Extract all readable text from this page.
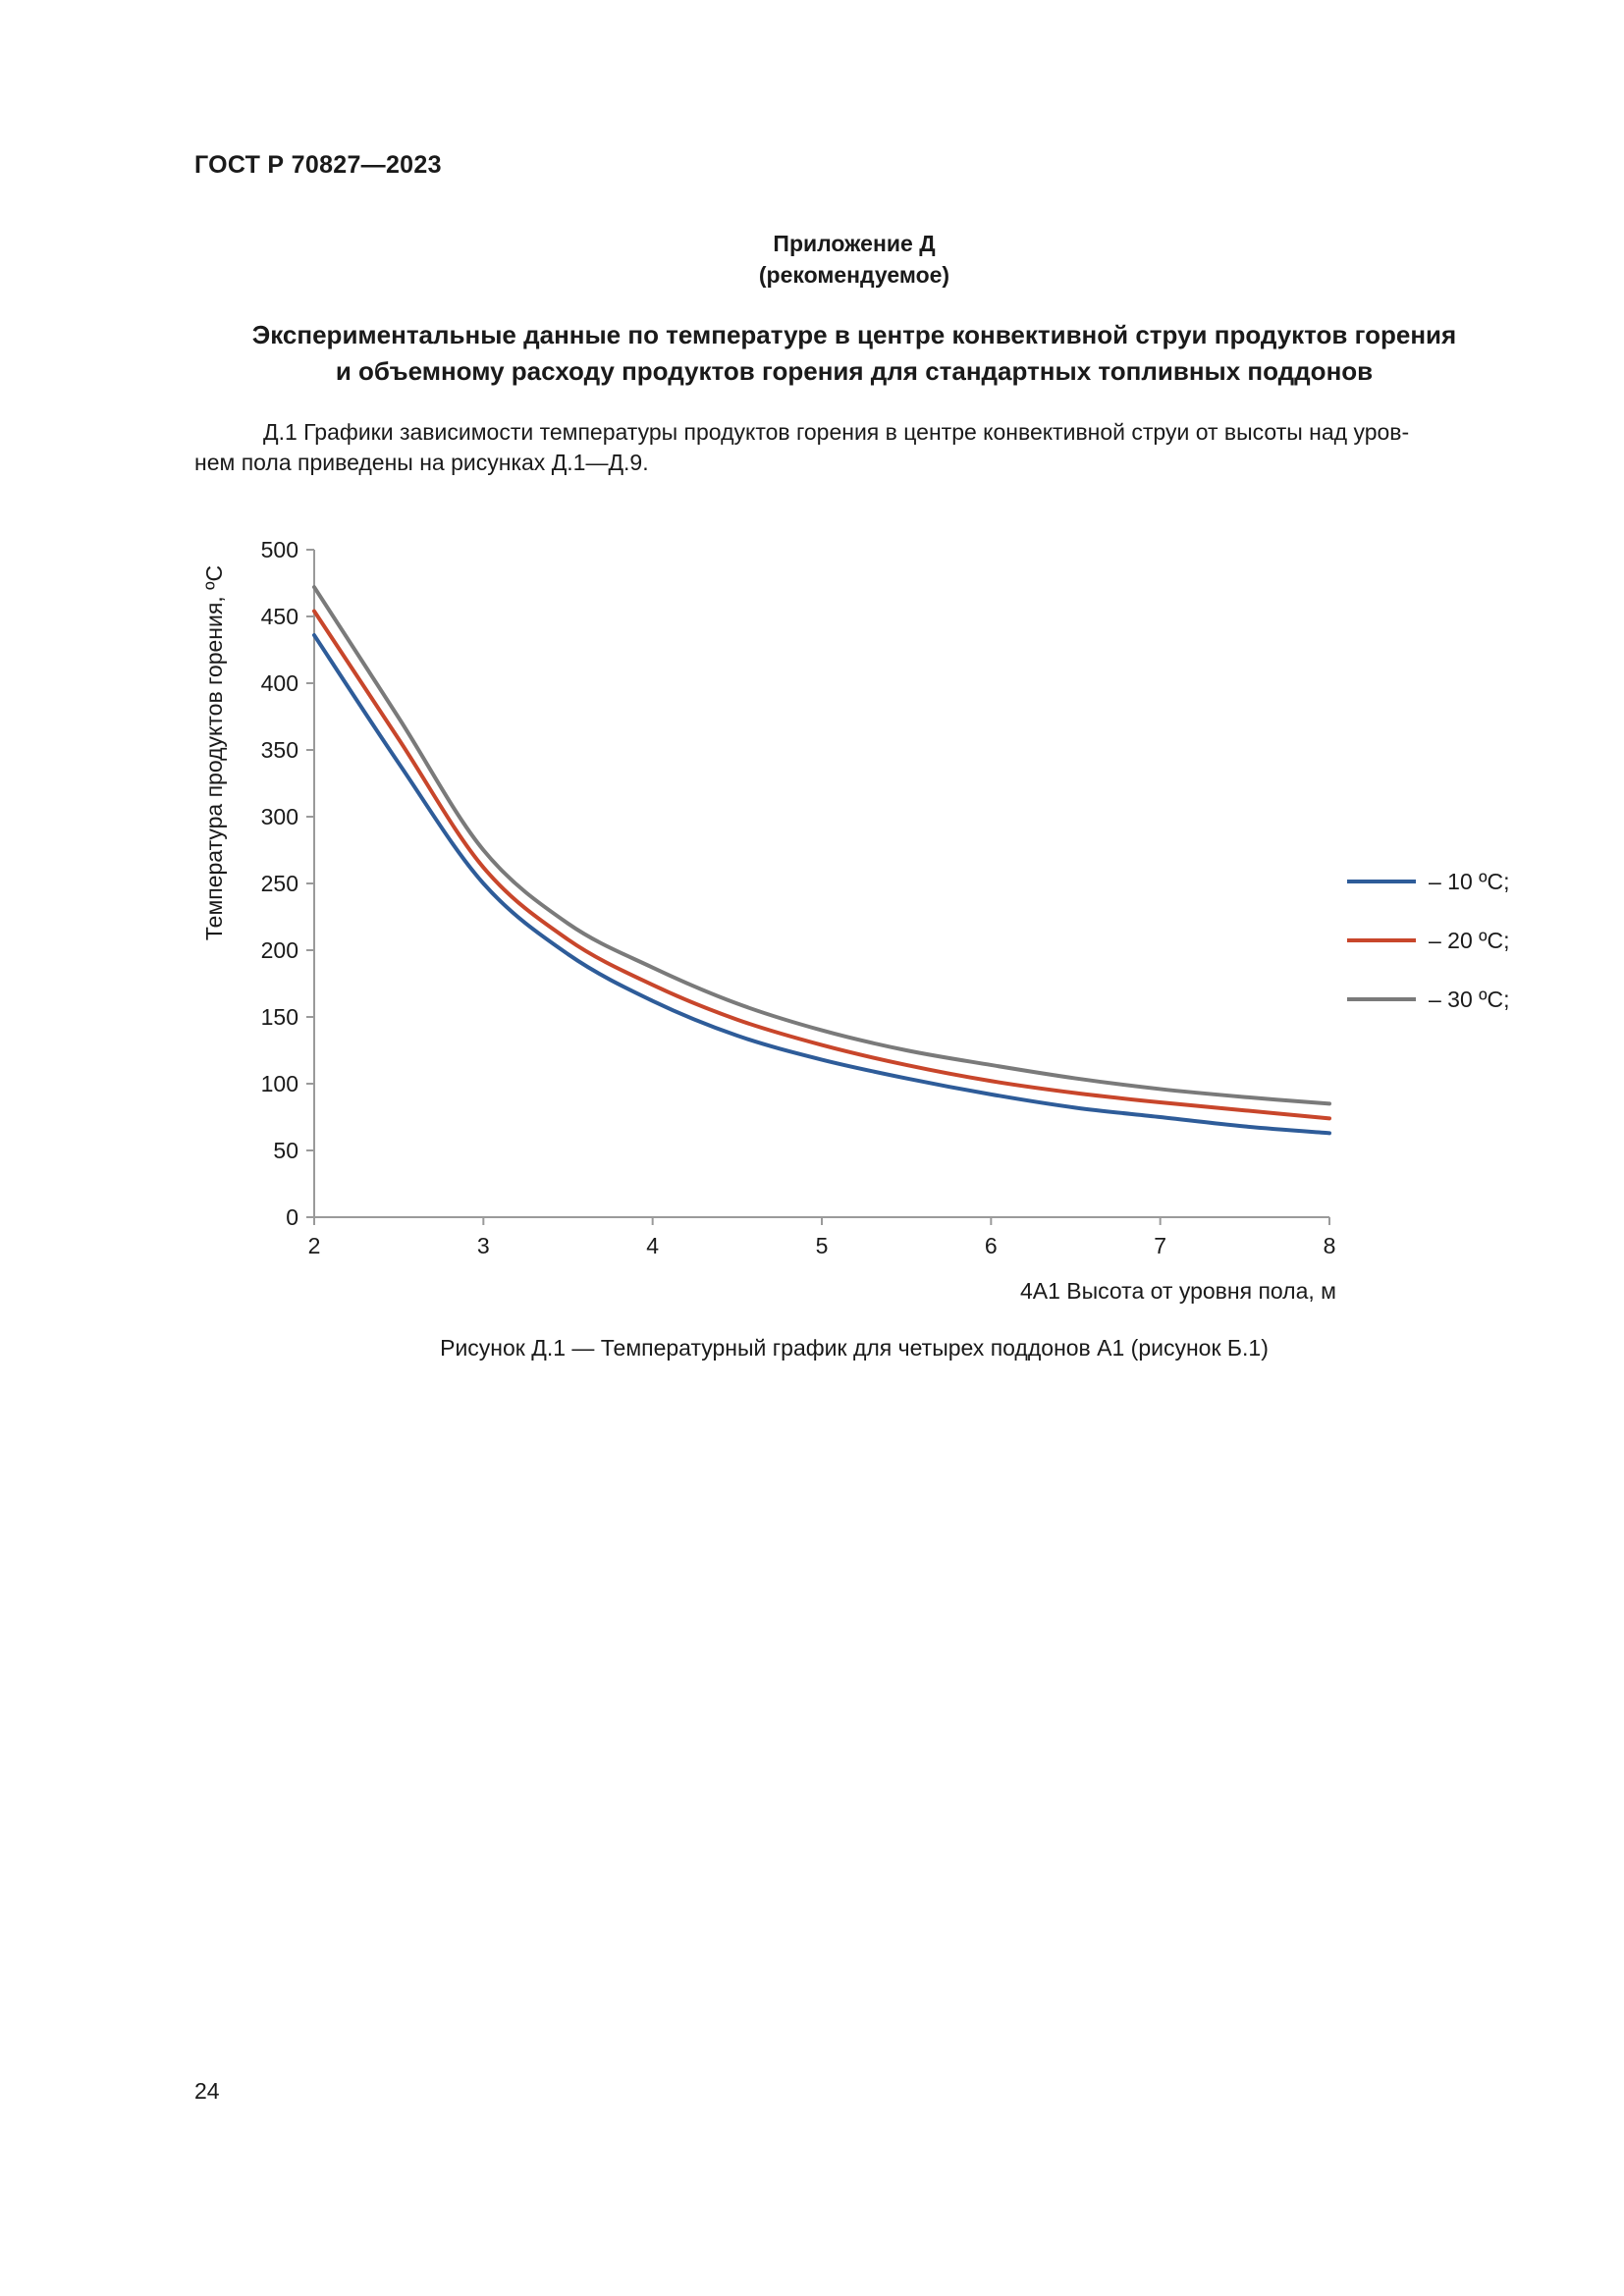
ГОСТ Р 70827—2023
Приложение Д
(рекомендуемое)
Экспериментальные данные по температуре в центре конвективной струи продуктов горения
и объемному расходу продуктов горения для стандартных топливных поддонов
Д.1 Графики зависимости температуры продуктов горения в центре конвективной струи от высоты над уров-
нем пола приведены на рисунках Д.1—Д.9.
0
50
100
150
200
250
300
350
400
450
500
2	3	4	5	6	7	8
– 10 ºС;
– 20 ºС;
– 30 ºС;
Температура продуктов горения, ºС
4А1 Высота от уровня пола, м
Рисунок Д.1 — Температурный график для четырех поддонов А1 (рисунок Б.1)
24
